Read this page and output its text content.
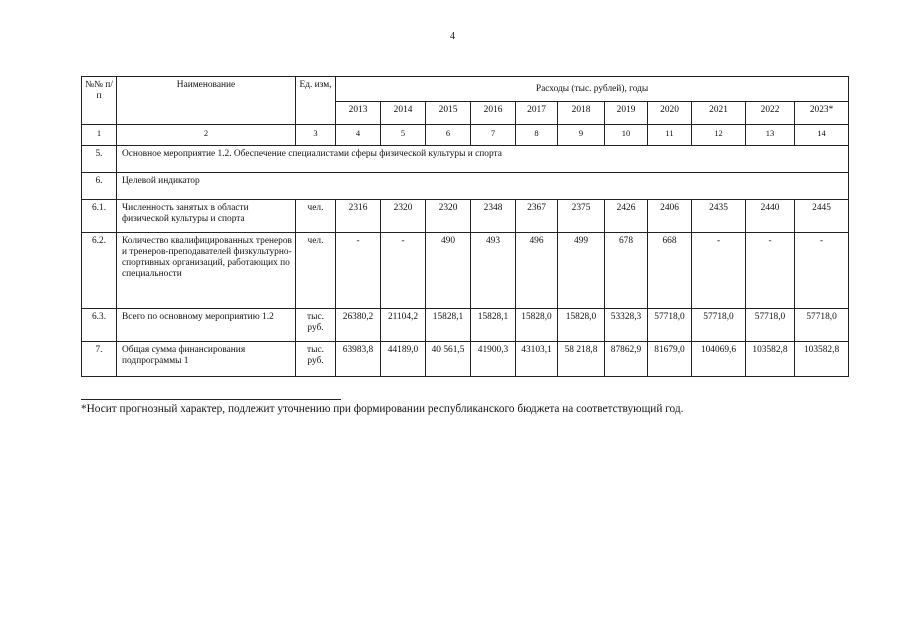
4
№№ п/п	Наименование	Ед. изм,	Расходы (тыс. рублей), годы										
			2013	2014	2015	2016	2017	2018	2019	2020	2021	2022	2023*
1	2	3	4	5	6	7	8	9	10	11	12	13	14
5.	Основное мероприятие 1.2. Обеспечение специалистами сферы физической культуры и спорта												
6.	Целевой индикатор												
6.1.	Численность занятых в области физической культуры и спорта	чел.	2316	2320	2320	2348	2367	2375	2426	2406	2435	2440	2445
6.2.	Количество квалифицированных тренеров и тренеров-преподавателей физкультурно-спортивных организаций, работающих по специальности	чел.	-	-	490	493	496	499	678	668	-	-	-
6.3.	Всего по основному мероприятию 1.2	тыс. руб.	26380,2	21104,2	15828,1	15828,1	15828,0	15828,0	53328,3	57718,0	57718,0	57718,0	57718,0
7.	Общая сумма финансирования подпрограммы 1	тыс. руб.	63983,8	44189,0	40 561,5	41900,3	43103,1	58 218,8	87862,9	81679,0	104069,6	103582,8	103582,8
*Носит прогнозный характер, подлежит уточнению при формировании республиканского бюджета на соответствующий год.
